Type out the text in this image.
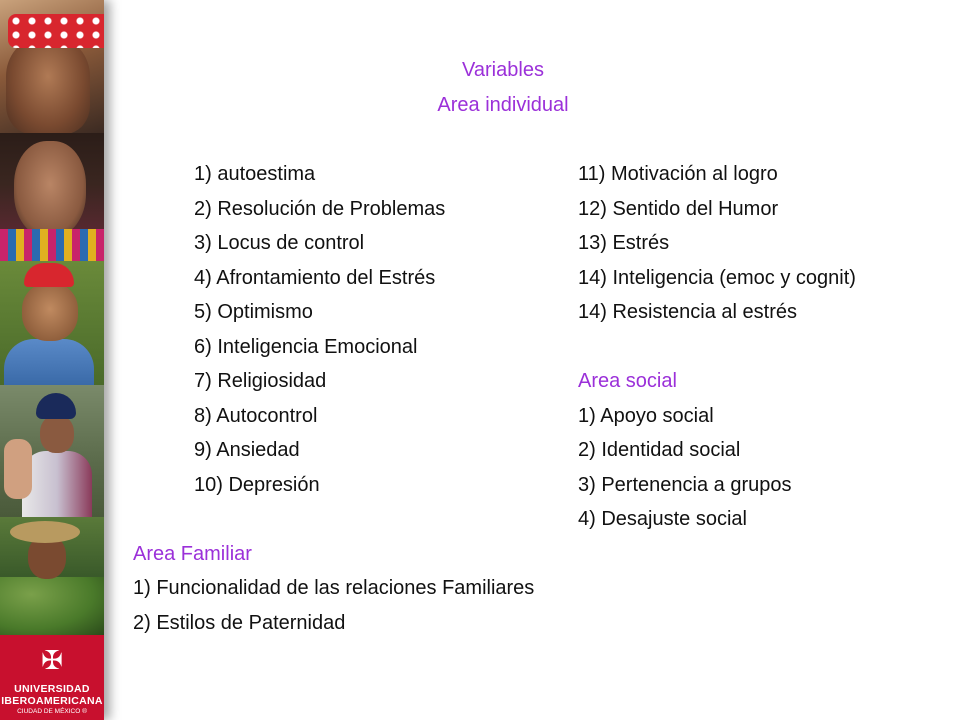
✠
UNIVERSIDAD
IBEROAMERICANA
CIUDAD DE MÉXICO ®
Variables
Area individual
1) autoestima
2) Resolución de Problemas
3) Locus de control
4) Afrontamiento del Estrés
5) Optimismo
6) Inteligencia Emocional
7) Religiosidad
8) Autocontrol
9) Ansiedad
10) Depresión
11) Motivación al logro
12) Sentido del Humor
13) Estrés
14) Inteligencia (emoc y cognit)
14) Resistencia al estrés
Area social
1) Apoyo social
2) Identidad social
3) Pertenencia a grupos
4) Desajuste social
Area Familiar
1) Funcionalidad de las relaciones Familiares
2) Estilos de Paternidad
